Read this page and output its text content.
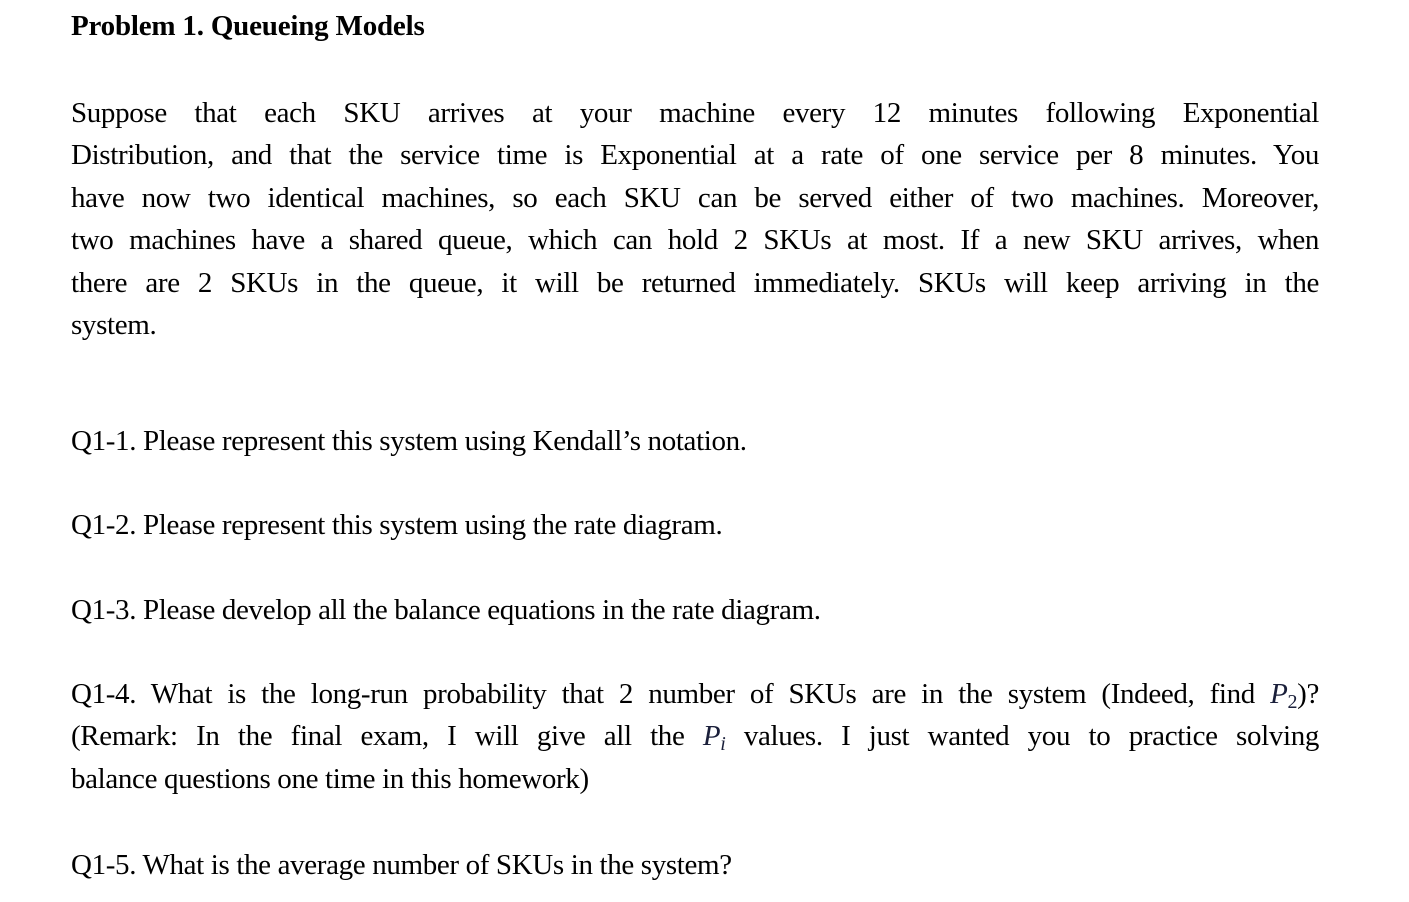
Problem 1. Queueing Models
Suppose that each SKU arrives at your machine every 12 minutes following Exponential
Distribution, and that the service time is Exponential at a rate of one service per 8 minutes. You
have now two identical machines, so each SKU can be served either of two machines. Moreover,
two machines have a shared queue, which can hold 2 SKUs at most. If a new SKU arrives, when
there are 2 SKUs in the queue, it will be returned immediately. SKUs will keep arriving in the
system.
Q1-1. Please represent this system using Kendall’s notation.
Q1-2. Please represent this system using the rate diagram.
Q1-3. Please develop all the balance equations in the rate diagram.
Q1-4. What is the long-run probability that 2 number of SKUs are in the system (Indeed, find $P_2$)?
(Remark: In the final exam, I will give all the $P_i$ values. I just wanted you to practice solving
balance questions one time in this homework)
Q1-5. What is the average number of SKUs in the system?
